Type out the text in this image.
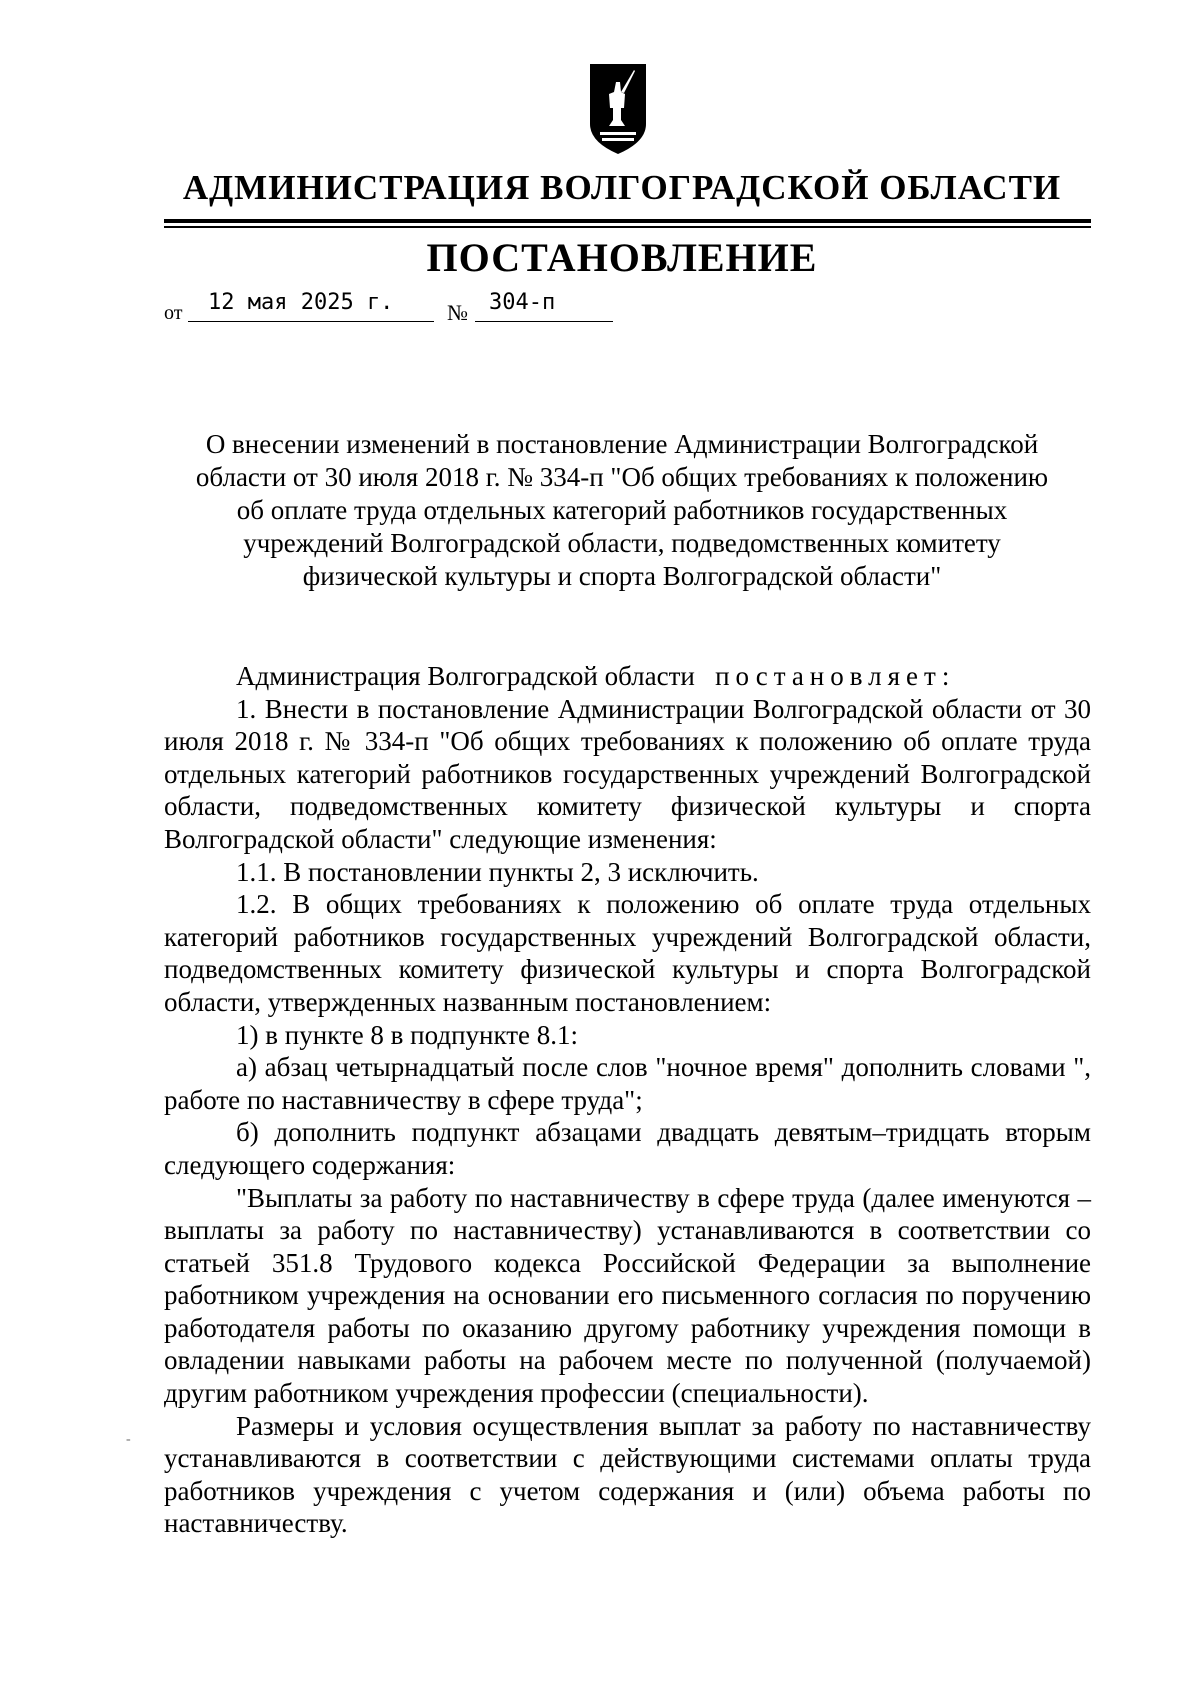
АДМИНИСТРАЦИЯ ВОЛГОГРАДСКОЙ ОБЛАСТИ
ПОСТАНОВЛЕНИЕ
от	12 мая 2025 г.	№ 304-п
О внесении изменений в постановление Администрации Волгоградской
области от 30 июля 2018 г. № 334-п "Об общих требованиях к положению
об оплате труда отдельных категорий работников государственных
учреждений Волгоградской области, подведомственных комитету
физической культуры и спорта Волгоградской области"

Администрация Волгоградской области постановляет:

1. Внести в постановление Администрации Волгоградской области от 30 июля 2018 г. № 334-п "Об общих требованиях к положению об оплате труда отдельных категорий работников государственных учреждений Волгоградской области, подведомственных комитету физической культуры и спорта Волгоградской области" следующие изменения:

1.1. В постановлении пункты 2, 3 исключить.

1.2. В общих требованиях к положению об оплате труда отдельных категорий работников государственных учреждений Волгоградской области, подведомственных комитету физической культуры и спорта Волгоградской области, утвержденных названным постановлением:

1) в пункте 8 в подпункте 8.1:

а) абзац четырнадцатый после слов "ночное время" дополнить словами ", работе по наставничеству в сфере труда";

б) дополнить подпункт абзацами двадцать девятым–тридцать вторым следующего содержания:

"Выплаты за работу по наставничеству в сфере труда (далее именуются – выплаты за работу по наставничеству) устанавливаются в соответствии со статьей 351.8 Трудового кодекса Российской Федерации за выполнение работником учреждения на основании его письменного согласия по поручению работодателя работы по оказанию другому работнику учреждения помощи в овладении навыками работы на рабочем месте по полученной (получаемой) другим работником учреждения профессии (специальности).

Размеры и условия осуществления выплат за работу по наставничеству устанавливаются в соответствии с действующими системами оплаты труда работников учреждения с учетом содержания и (или) объема работы по наставничеству.

-
